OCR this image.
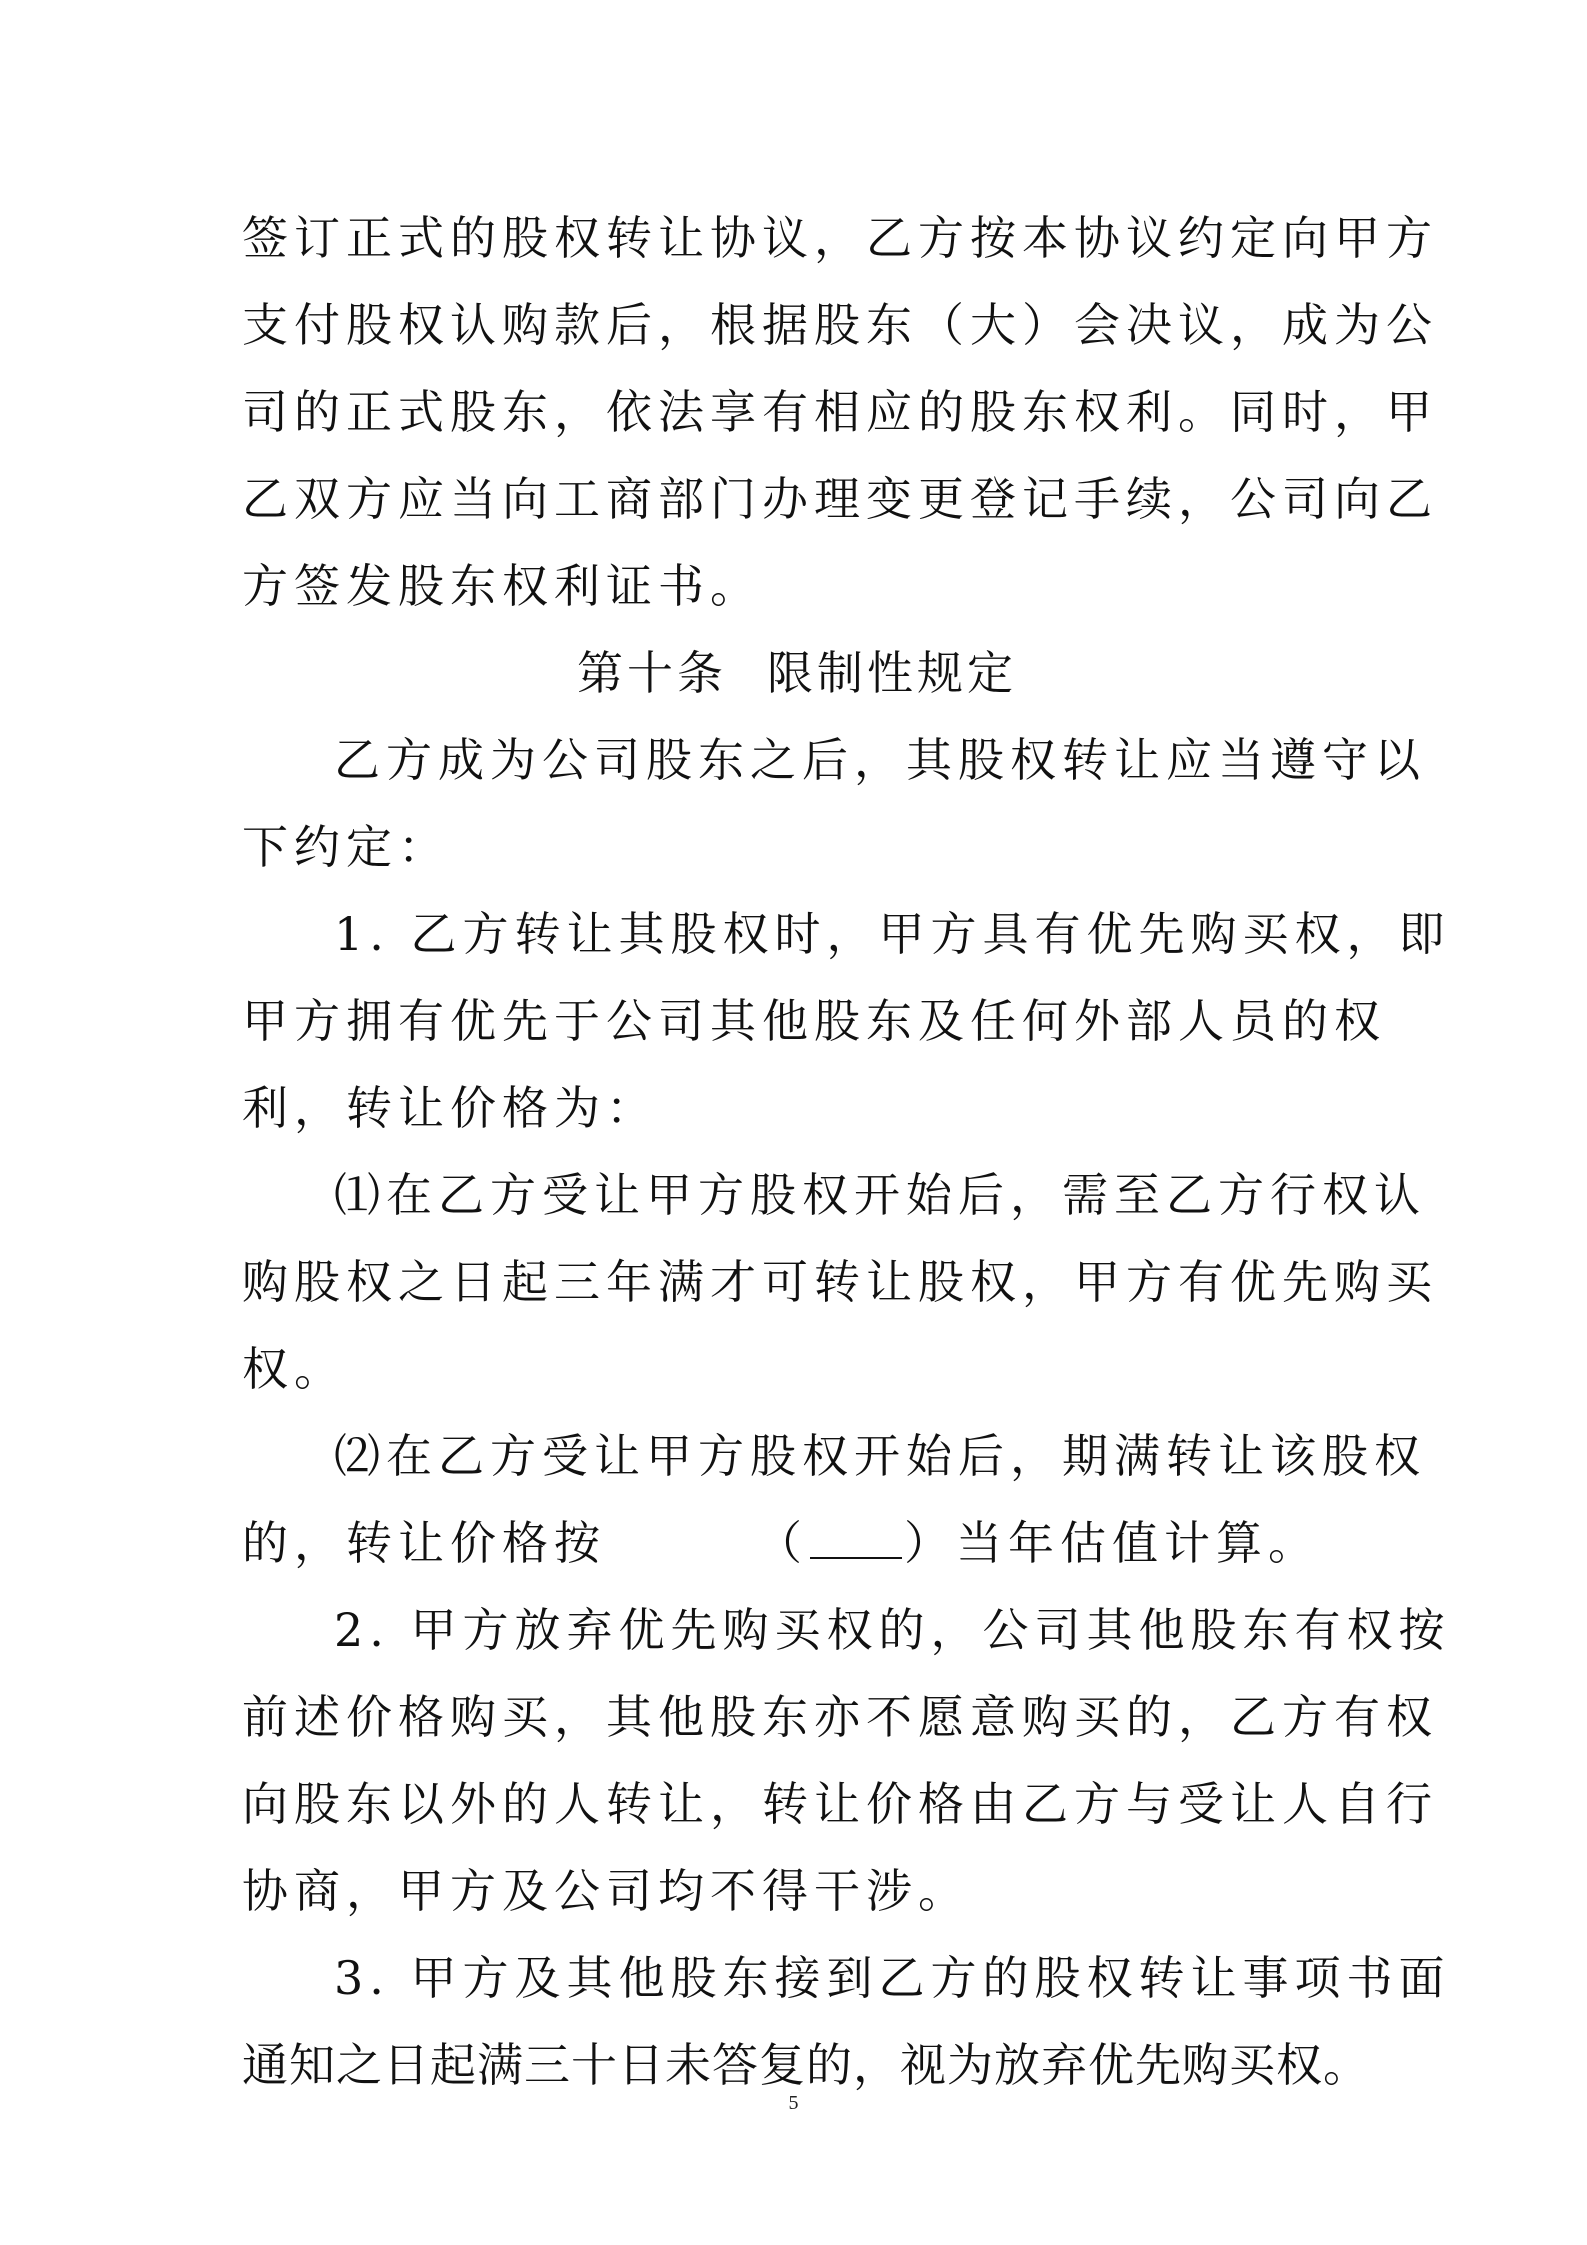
签订正式的股权转让协议，乙方按本协议约定向甲方
支付股权认购款后，根据股东（大）会决议，成为公
司的正式股东，依法享有相应的股东权利。同时，甲
乙双方应当向工商部门办理变更登记手续，公司向乙
方签发股东权利证书。
第十条 限制性规定
乙方成为公司股东之后，其股权转让应当遵守以
下约定：
1. 乙方转让其股权时，甲方具有优先购买权，即
甲方拥有优先于公司其他股东及任何外部人员的权
利，转让价格为：
⑴在乙方受让甲方股权开始后，需至乙方行权认
购股权之日起三年满才可转让股权，甲方有优先购买
权。
⑵在乙方受让甲方股权开始后，期满转让该股权
的，转让价格按	（ ）当年估值计算。
2. 甲方放弃优先购买权的，公司其他股东有权按
前述价格购买，其他股东亦不愿意购买的，乙方有权
向股东以外的人转让，转让价格由乙方与受让人自行
协商，甲方及公司均不得干涉。
3. 甲方及其他股东接到乙方的股权转让事项书面
通知之日起满三十日未答复的，视为放弃优先购买权。
5
